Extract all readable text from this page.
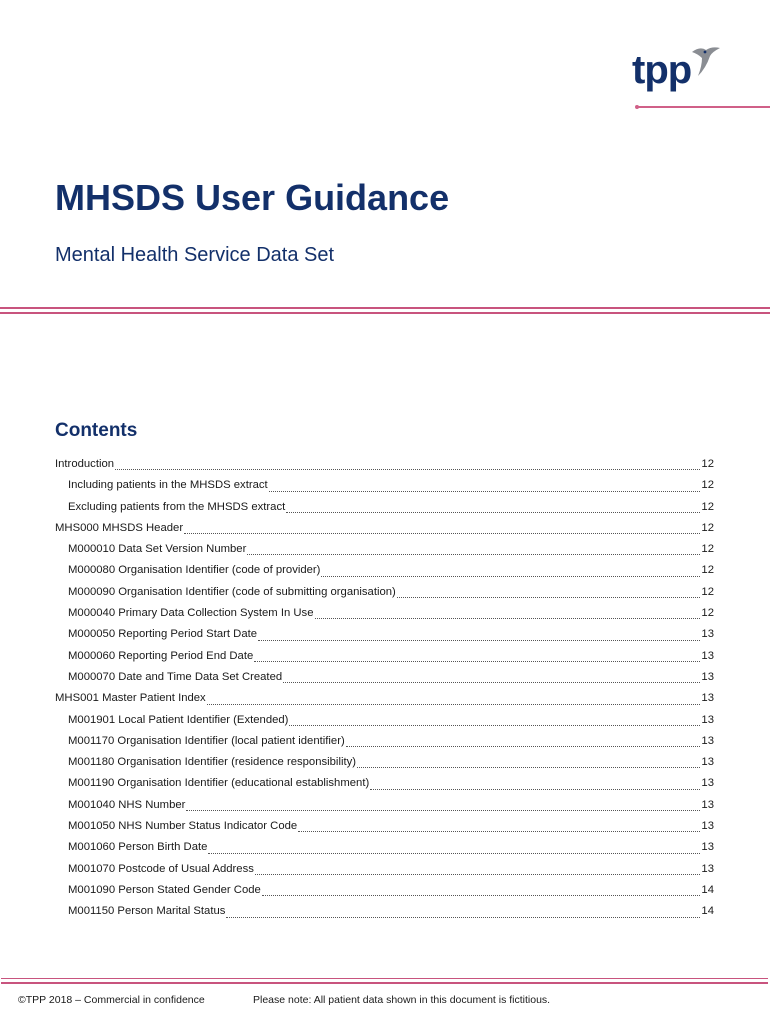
tpp
MHSDS User Guidance
Mental Health Service Data Set
Contents
Introduction	12
Including patients in the MHSDS extract	12
Excluding patients from the MHSDS extract	12
MHS000 MHSDS Header	12
M000010 Data Set Version Number	12
M000080 Organisation Identifier (code of provider)	12
M000090 Organisation Identifier (code of submitting organisation)	12
M000040 Primary Data Collection System In Use	12
M000050 Reporting Period Start Date	13
M000060 Reporting Period End Date	13
M000070 Date and Time Data Set Created	13
MHS001 Master Patient Index	13
M001901 Local Patient Identifier (Extended)	13
M001170 Organisation Identifier (local patient identifier)	13
M001180 Organisation Identifier (residence responsibility)	13
M001190 Organisation Identifier (educational establishment)	13
M001040 NHS Number	13
M001050 NHS Number Status Indicator Code	13
M001060 Person Birth Date	13
M001070 Postcode of Usual Address	13
M001090 Person Stated Gender Code	14
M001150 Person Marital Status	14
©TPP 2018 – Commercial in confidence	Please note: All patient data shown in this document is fictitious.
